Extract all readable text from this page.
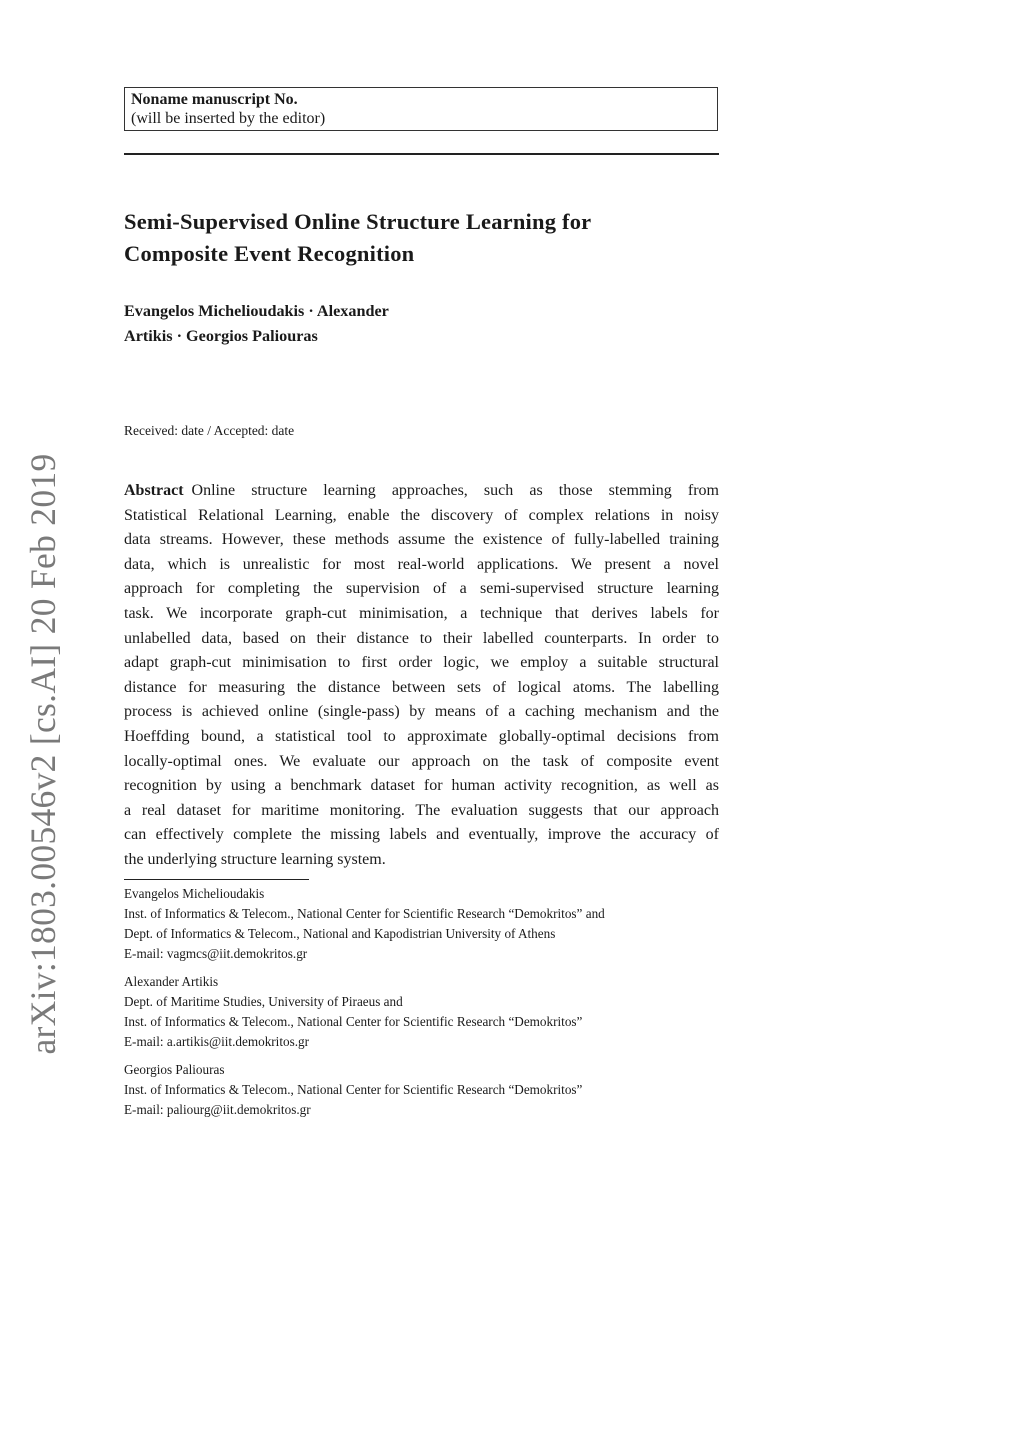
arXiv:1803.00546v2 [cs.AI] 20 Feb 2019
Noname manuscript No.
(will be inserted by the editor)
Semi-Supervised Online Structure Learning for
Composite Event Recognition
Evangelos Michelioudakis · Alexander
Artikis · Georgios Paliouras
Received: date / Accepted: date
Abstract Online structure learning approaches, such as those stemming from
Statistical Relational Learning, enable the discovery of complex relations in noisy
data streams. However, these methods assume the existence of fully-labelled training
data, which is unrealistic for most real-world applications. We present a novel
approach for completing the supervision of a semi-supervised structure learning
task. We incorporate graph-cut minimisation, a technique that derives labels for
unlabelled data, based on their distance to their labelled counterparts. In order to
adapt graph-cut minimisation to first order logic, we employ a suitable structural
distance for measuring the distance between sets of logical atoms. The labelling
process is achieved online (single-pass) by means of a caching mechanism and the
Hoeffding bound, a statistical tool to approximate globally-optimal decisions from
locally-optimal ones. We evaluate our approach on the task of composite event
recognition by using a benchmark dataset for human activity recognition, as well as
a real dataset for maritime monitoring. The evaluation suggests that our approach
can effectively complete the missing labels and eventually, improve the accuracy of
the underlying structure learning system.
Evangelos Michelioudakis
Inst. of Informatics & Telecom., National Center for Scientific Research “Demokritos” and
Dept. of Informatics & Telecom., National and Kapodistrian University of Athens
E-mail: vagmcs@iit.demokritos.gr
Alexander Artikis
Dept. of Maritime Studies, University of Piraeus and
Inst. of Informatics & Telecom., National Center for Scientific Research “Demokritos”
E-mail: a.artikis@iit.demokritos.gr
Georgios Paliouras
Inst. of Informatics & Telecom., National Center for Scientific Research “Demokritos”
E-mail: paliourg@iit.demokritos.gr
